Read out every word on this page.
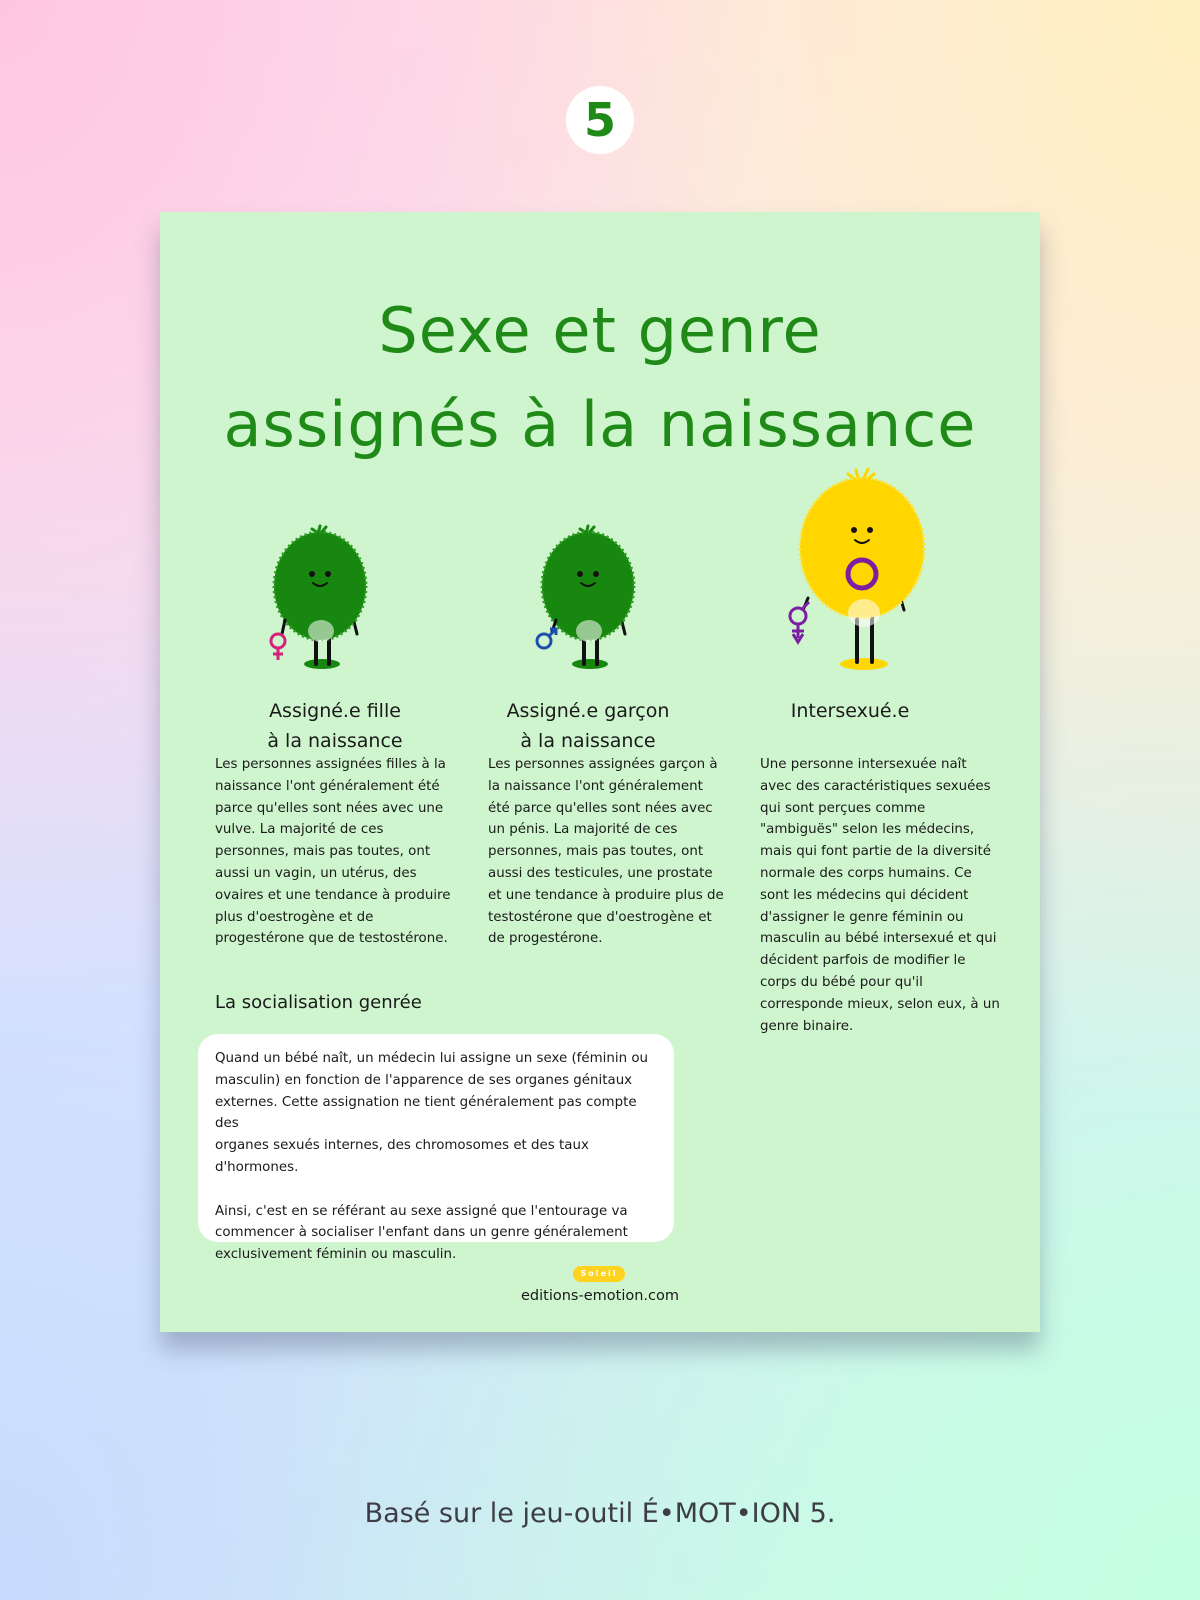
5
Sexe et genre
assignés à la naissance
Assigné.e fille
à la naissance
Assigné.e garçon
à la naissance
Intersexué.e

Les personnes assignées filles à la
naissance l'ont généralement été
parce qu'elles sont nées avec une
vulve. La majorité de ces
personnes, mais pas toutes, ont
aussi un vagin, un utérus, des
ovaires et une tendance à produire
plus d'oestrogène et de
progestérone que de testostérone.

Les personnes assignées garçon à
la naissance l'ont généralement
été parce qu'elles sont nées avec
un pénis. La majorité de ces
personnes, mais pas toutes, ont
aussi des testicules, une prostate
et une tendance à produire plus de
testostérone que d'oestrogène et
de progestérone.

Une personne intersexuée naît
avec des caractéristiques sexuées
qui sont perçues comme
"ambiguës" selon les médecins,
mais qui font partie de la diversité
normale des corps humains. Ce
sont les médecins qui décident
d'assigner le genre féminin ou
masculin au bébé intersexué et qui
décident parfois de modifier le
corps du bébé pour qu'il
corresponde mieux, selon eux, à un
genre binaire.

La socialisation genrée

Quand un bébé naît, un médecin lui assigne un sexe (féminin ou
masculin) en fonction de l'apparence de ses organes génitaux
externes. Cette assignation ne tient généralement pas compte des
organes sexués internes, des chromosomes et des taux d'hormones.

Ainsi, c'est en se référant au sexe assigné que l'entourage va
commencer à socialiser l'enfant dans un genre généralement
exclusivement féminin ou masculin.

Soleil

editions-emotion.com

Basé sur le jeu-outil É•MOT•ION 5.
